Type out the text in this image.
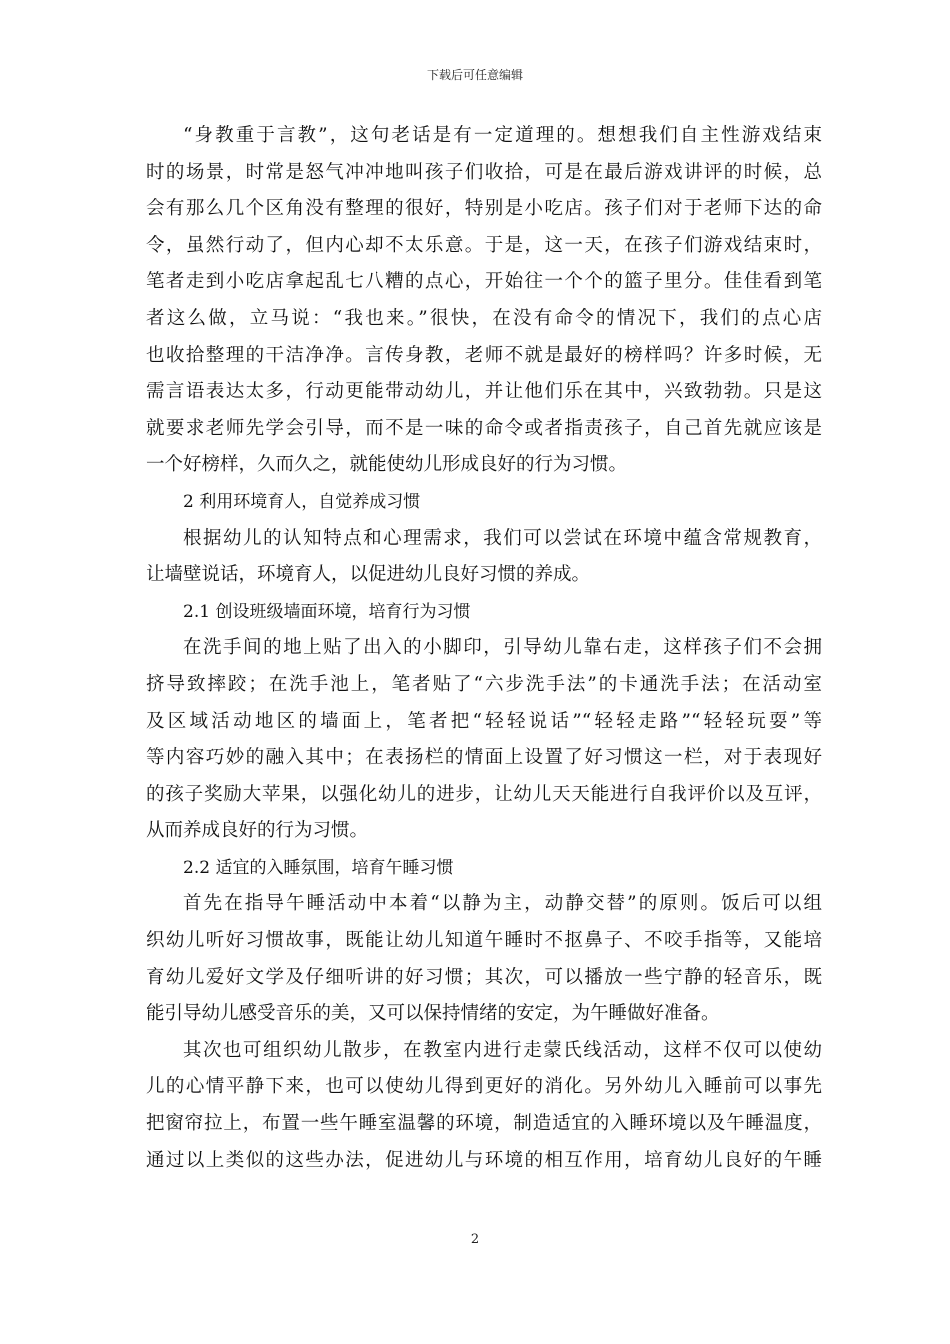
下载后可任意编辑
“身教重于言教”，这句老话是有一定道理的。想想我们自主性游戏结束
时的场景，时常是怒气冲冲地叫孩子们收拾，可是在最后游戏讲评的时候，总
会有那么几个区角没有整理的很好，特别是小吃店。孩子们对于老师下达的命
令，虽然行动了，但内心却不太乐意。于是，这一天，在孩子们游戏结束时，
笔者走到小吃店拿起乱七八糟的点心，开始往一个个的篮子里分。佳佳看到笔
者这么做，立马说：“我也来。”很快，在没有命令的情况下，我们的点心店
也收拾整理的干洁净净。言传身教，老师不就是最好的榜样吗？许多时候，无
需言语表达太多，行动更能带动幼儿，并让他们乐在其中，兴致勃勃。只是这
就要求老师先学会引导，而不是一味的命令或者指责孩子，自己首先就应该是
一个好榜样，久而久之，就能使幼儿形成良好的行为习惯。
2 利用环境育人，自觉养成习惯
根据幼儿的认知特点和心理需求，我们可以尝试在环境中蕴含常规教育，
让墙壁说话，环境育人，以促进幼儿良好习惯的养成。
2.1 创设班级墙面环境，培育行为习惯
在洗手间的地上贴了出入的小脚印，引导幼儿靠右走，这样孩子们不会拥
挤导致摔跤；在洗手池上，笔者贴了“六步洗手法”的卡通洗手法；在活动室
及区域活动地区的墙面上，笔者把“轻轻说话”“轻轻走路”“轻轻玩耍”等
等内容巧妙的融入其中；在表扬栏的情面上设置了好习惯这一栏，对于表现好
的孩子奖励大苹果，以强化幼儿的进步，让幼儿天天能进行自我评价以及互评，
从而养成良好的行为习惯。
2.2 适宜的入睡氛围，培育午睡习惯
首先在指导午睡活动中本着“以静为主，动静交替”的原则。饭后可以组
织幼儿听好习惯故事，既能让幼儿知道午睡时不抠鼻子、不咬手指等，又能培
育幼儿爱好文学及仔细听讲的好习惯；其次，可以播放一些宁静的轻音乐，既
能引导幼儿感受音乐的美，又可以保持情绪的安定，为午睡做好准备。
其次也可组织幼儿散步，在教室内进行走蒙氏线活动，这样不仅可以使幼
儿的心情平静下来，也可以使幼儿得到更好的消化。另外幼儿入睡前可以事先
把窗帘拉上，布置一些午睡室温馨的环境，制造适宜的入睡环境以及午睡温度，
通过以上类似的这些办法，促进幼儿与环境的相互作用，培育幼儿良好的午睡
2
